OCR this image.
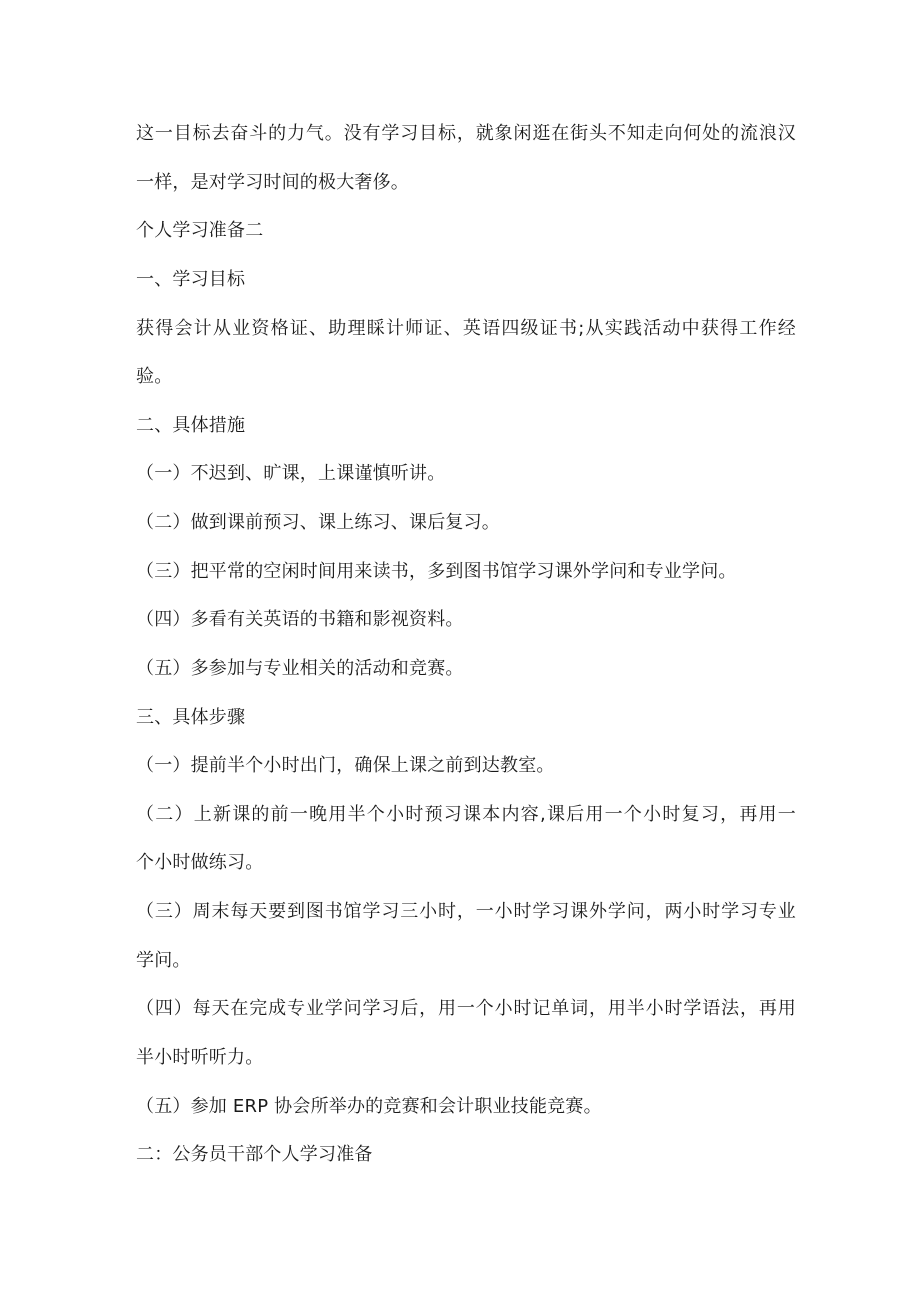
这一目标去奋斗的力气。没有学习目标，就象闲逛在街头不知走向何处的流浪汉

一样，是对学习时间的极大奢侈。

个人学习准备二

一、学习目标

获得会计从业资格证、助理睬计师证、英语四级证书;从实践活动中获得工作经

验。

二、具体措施

（一）不迟到、旷课，上课谨慎听讲。

（二）做到课前预习、课上练习、课后复习。

（三）把平常的空闲时间用来读书，多到图书馆学习课外学问和专业学问。

（四）多看有关英语的书籍和影视资料。

（五）多参加与专业相关的活动和竞赛。

三、具体步骤

（一）提前半个小时出门，确保上课之前到达教室。

（二）上新课的前一晚用半个小时预习课本内容,课后用一个小时复习，再用一

个小时做练习。

（三）周末每天要到图书馆学习三小时，一小时学习课外学问，两小时学习专业

学问。

（四）每天在完成专业学问学习后，用一个小时记单词，用半小时学语法，再用

半小时听听力。

（五）参加 ERP 协会所举办的竞赛和会计职业技能竞赛。

二：公务员干部个人学习准备
